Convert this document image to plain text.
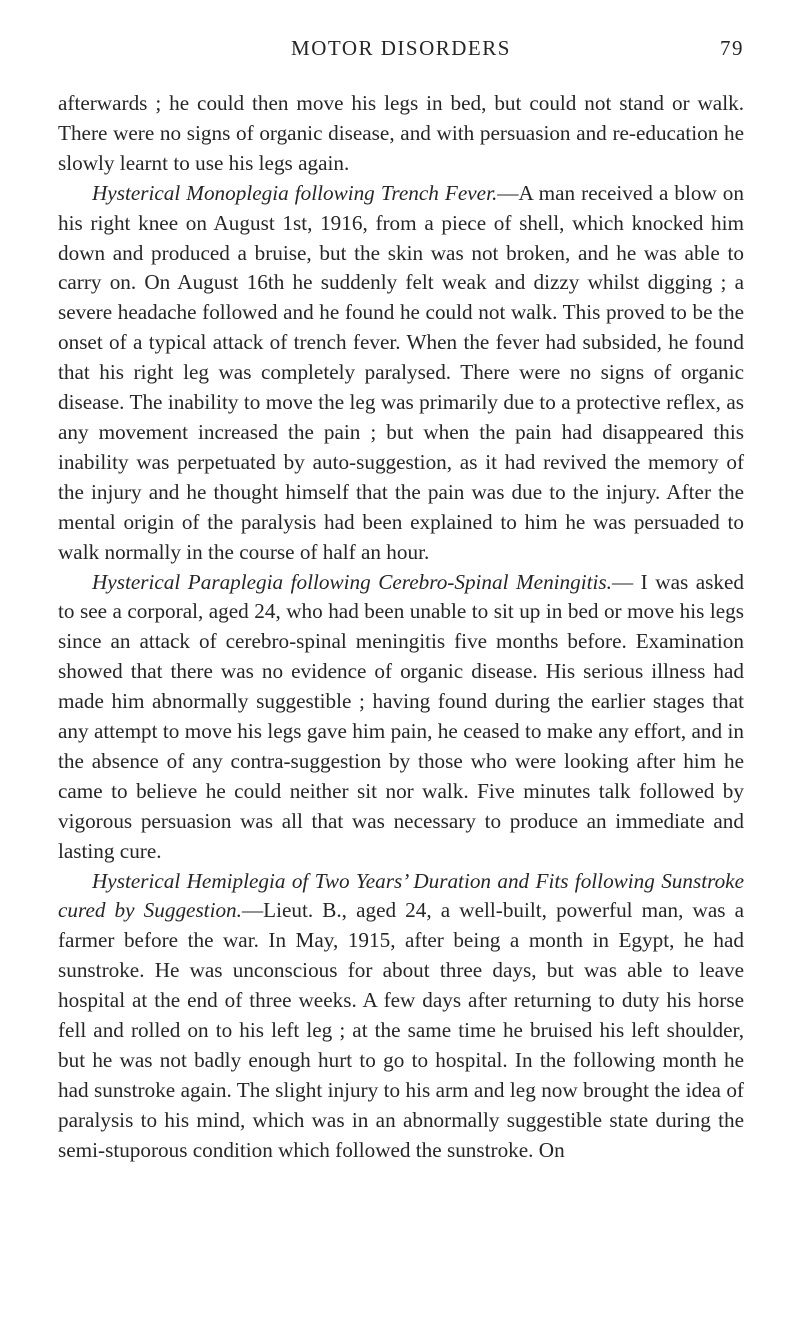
MOTOR DISORDERS	79

afterwards ; he could then move his legs in bed, but could not stand or walk. There were no signs of organic disease, and with persuasion and re-education he slowly learnt to use his legs again.

Hysterical Monoplegia following Trench Fever.—A man received a blow on his right knee on August 1st, 1916, from a piece of shell, which knocked him down and produced a bruise, but the skin was not broken, and he was able to carry on. On August 16th he suddenly felt weak and dizzy whilst digging ; a severe headache followed and he found he could not walk. This proved to be the onset of a typical attack of trench fever. When the fever had subsided, he found that his right leg was completely paralysed. There were no signs of organic disease. The inability to move the leg was primarily due to a protective reflex, as any movement increased the pain ; but when the pain had disappeared this inability was perpetuated by auto-suggestion, as it had revived the memory of the injury and he thought himself that the pain was due to the injury. After the mental origin of the paralysis had been explained to him he was persuaded to walk normally in the course of half an hour.

Hysterical Paraplegia following Cerebro-Spinal Meningitis.— I was asked to see a corporal, aged 24, who had been unable to sit up in bed or move his legs since an attack of cerebro-spinal meningitis five months before. Examination showed that there was no evidence of organic disease. His serious illness had made him abnormally suggestible ; having found during the earlier stages that any attempt to move his legs gave him pain, he ceased to make any effort, and in the absence of any contra-suggestion by those who were looking after him he came to believe he could neither sit nor walk. Five minutes talk followed by vigorous persuasion was all that was necessary to produce an immediate and lasting cure.

Hysterical Hemiplegia of Two Years’ Duration and Fits following Sunstroke cured by Suggestion.—Lieut. B., aged 24, a well-built, powerful man, was a farmer before the war. In May, 1915, after being a month in Egypt, he had sunstroke. He was unconscious for about three days, but was able to leave hospital at the end of three weeks. A few days after returning to duty his horse fell and rolled on to his left leg ; at the same time he bruised his left shoulder, but he was not badly enough hurt to go to hospital. In the following month he had sunstroke again. The slight injury to his arm and leg now brought the idea of paralysis to his mind, which was in an abnormally suggestible state during the semi-stuporous condition which followed the sunstroke. On
